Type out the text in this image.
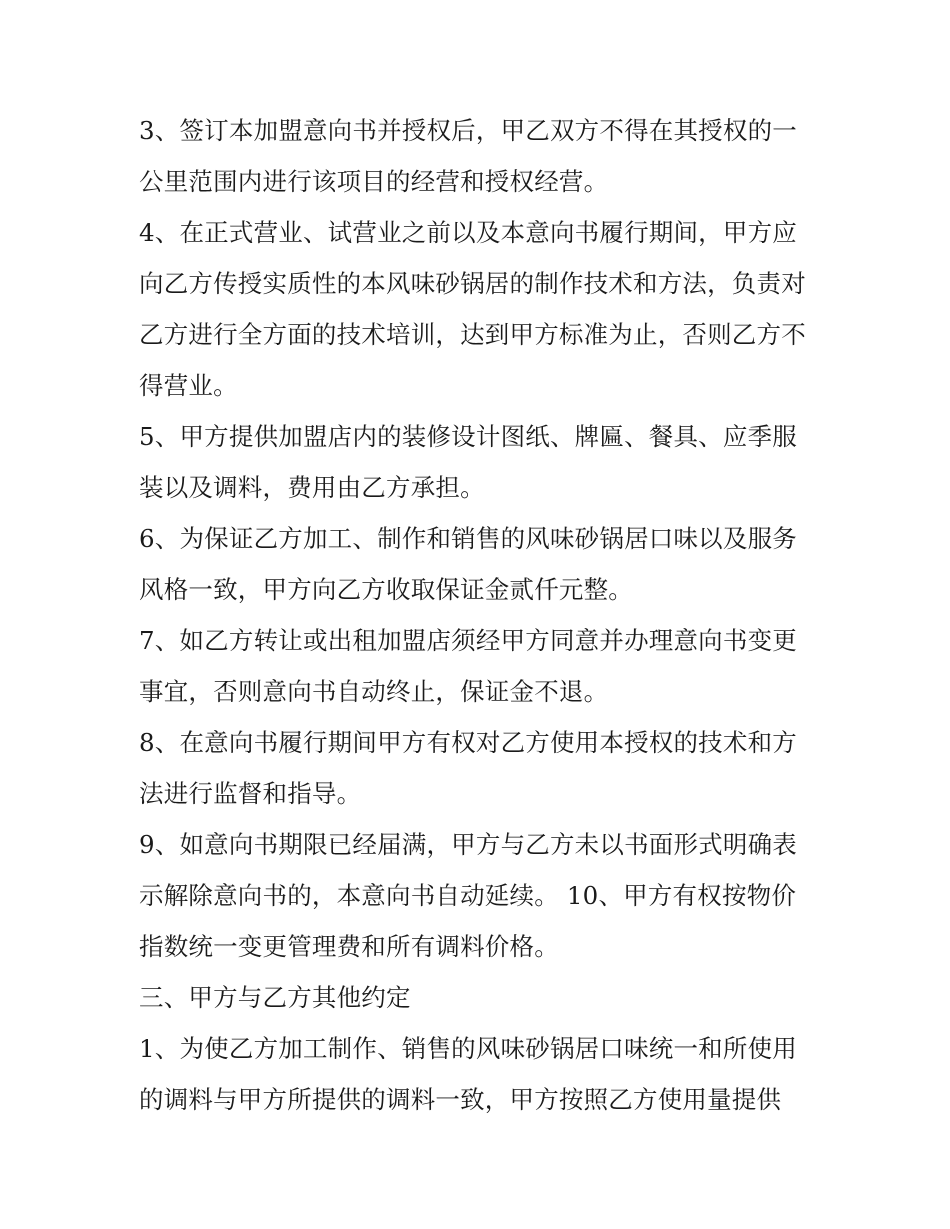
3、签订本加盟意向书并授权后，甲乙双方不得在其授权的一
公里范围内进行该项目的经营和授权经营。
4、在正式营业、试营业之前以及本意向书履行期间，甲方应
向乙方传授实质性的本风味砂锅居的制作技术和方法，负责对
乙方进行全方面的技术培训，达到甲方标准为止，否则乙方不
得营业。
5、甲方提供加盟店内的装修设计图纸、牌匾、餐具、应季服
装以及调料，费用由乙方承担。
6、为保证乙方加工、制作和销售的风味砂锅居口味以及服务
风格一致，甲方向乙方收取保证金贰仟元整。
7、如乙方转让或出租加盟店须经甲方同意并办理意向书变更
事宜，否则意向书自动终止，保证金不退。
8、在意向书履行期间甲方有权对乙方使用本授权的技术和方
法进行监督和指导。
9、如意向书期限已经届满，甲方与乙方未以书面形式明确表
示解除意向书的，本意向书自动延续。 10、甲方有权按物价
指数统一变更管理费和所有调料价格。
三、甲方与乙方其他约定
1、为使乙方加工制作、销售的风味砂锅居口味统一和所使用
的调料与甲方所提供的调料一致，甲方按照乙方使用量提供
